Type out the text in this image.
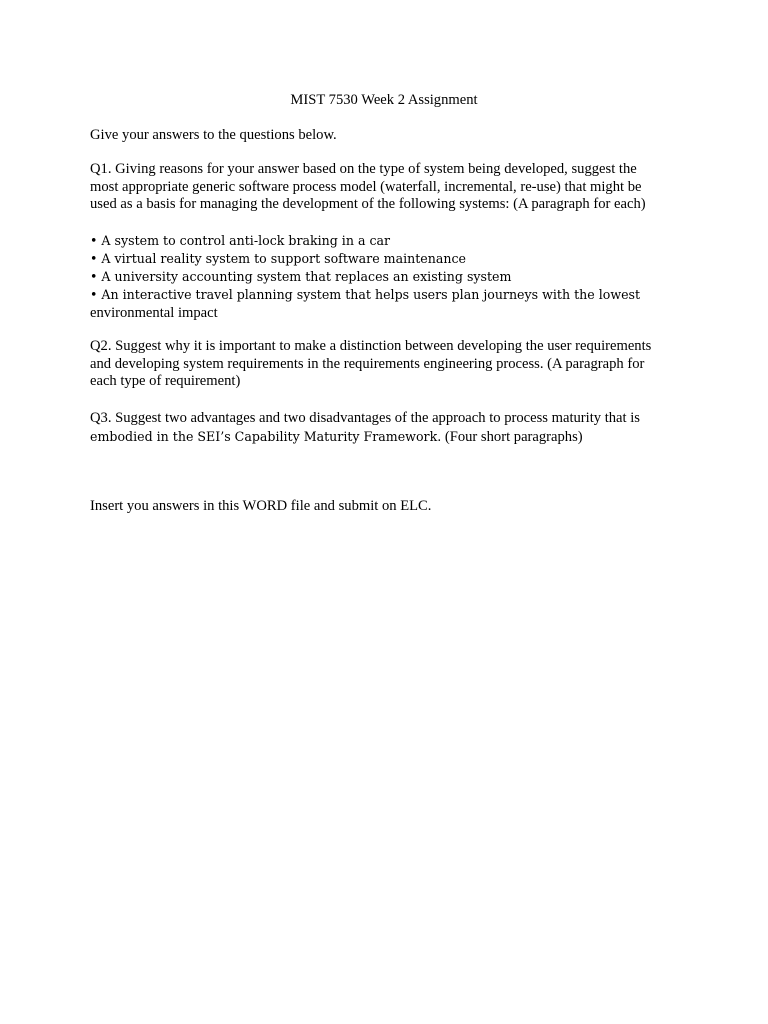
MIST 7530 Week 2 Assignment

Give your answers to the questions below.

Q1. Giving reasons for your answer based on the type of system being developed, suggest the
most appropriate generic software process model (waterfall, incremental, re-use) that might be
used as a basis for managing the development of the following systems: (A paragraph for each)

• A system to control anti-lock braking in a car
• A virtual reality system to support software maintenance
• A university accounting system that replaces an existing system
• An interactive travel planning system that helps users plan journeys with the lowest
environmental impact

Q2. Suggest why it is important to make a distinction between developing the user requirements
and developing system requirements in the requirements engineering process. (A paragraph for
each type of requirement)

Q3. Suggest two advantages and two disadvantages of the approach to process maturity that is
embodied in the SEI’s Capability Maturity Framework. (Four short paragraphs)

Insert you answers in this WORD file and submit on ELC.
